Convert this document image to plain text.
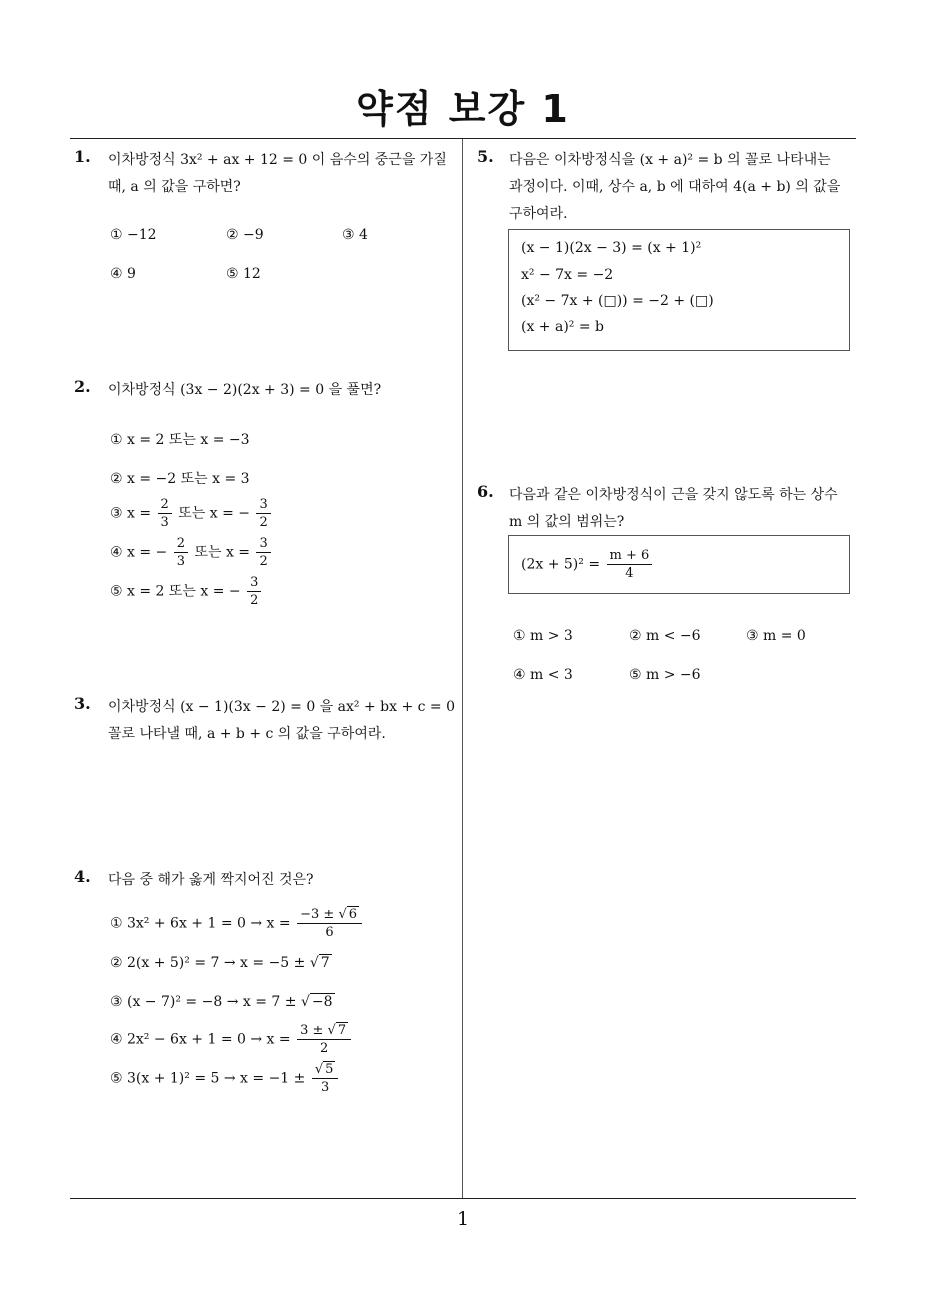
약점 보강 1
1
1. 이차방정식 3x² + ax + 12 = 0 이 음수의 중근을 가질
때, a 의 값을 구하면?
① −12	② −9	③ 4
④ 9	⑤ 12
2. 이차방정식 (3x − 2)(2x + 3) = 0 을 풀면?
① x = 2 또는 x = −3
② x = −2 또는 x = 3
③ $x = \frac{2}{3}$ 또는 x = − $\frac{3}{2}$
④ x = − $\frac{2}{3}$ 또는 $x = \frac{3}{2}$
⑤ x = 2 또는 x = − $\frac{3}{2}$
3. 이차방정식 (x − 1)(3x − 2) = 0 을 ax² + bx + c = 0
꼴로 나타낼 때, a + b + c 의 값을 구하여라.
4. 다음 중 해가 옳게 짝지어진 것은?
① $3x^2 + 6x + 1 = 0 \to x = \frac{-3 \pm √ 6}{6}$
② 2(x + 5)² = 7 → x = −5 ± √ 7
③ (x − 7)² = −8 → x = 7 ± √ −8
④ $2x^2 - 6x + 1 = 0 \to x = \frac{3 \pm √ 7}{2}$
⑤ $3(x + 1)^2 = 5 \to x = -1 \pm \frac{√ 5}{3}$
5. 다음은 이차방정식을 (x + a)² = b 의 꼴로 나타내는
과정이다. 이때, 상수 a, b 에 대하여 4(a + b) 의 값을
구하여라.
(x − 1)(2x − 3) = (x + 1)²
x² − 7x = −2
(x² − 7x + (□)) = −2 + (□)
(x + a)² = b
6. 다음과 같은 이차방정식이 근을 갖지 않도록 하는 상수
m 의 값의 범위는?
① m > 3	② m < −6	③ m = 0
④ m < 3	⑤ m > −6
$(2x + 5)^2 = \frac{m + 6}{4}$
